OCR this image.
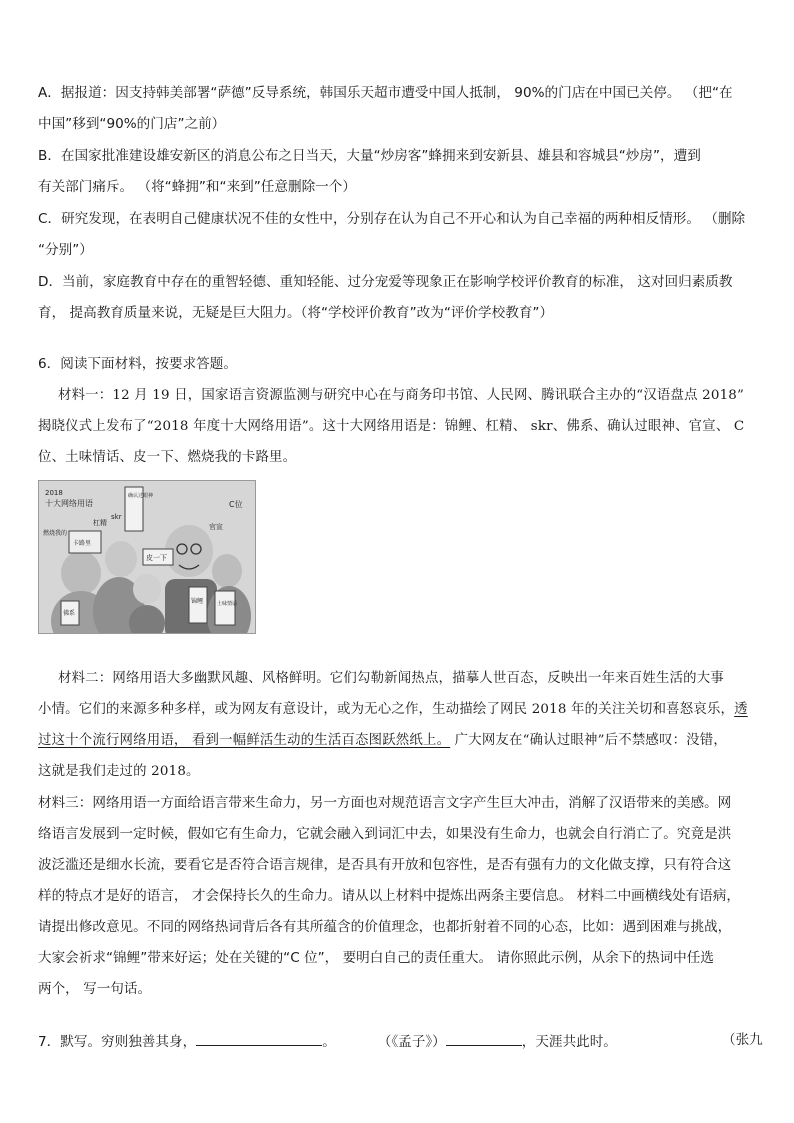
A．据报道：因支持韩美部署“萨德”反导系统，韩国乐天超市遭受中国人抵制， 90%的门店在中国已关停。 （把“在
中国”移到“90%的门店”之前）
B．在国家批准建设雄安新区的消息公布之日当天，大量“炒房客”蜂拥来到安新县、雄县和容城县“炒房”，遭到
有关部门痛斥。 （将“蜂拥”和“来到”任意删除一个）
C．研究发现，在表明自己健康状况不佳的女性中，分别存在认为自己不开心和认为自己幸福的两种相反情形。 （删除
“分别”）
D．当前，家庭教育中存在的重智轻德、重知轻能、过分宠爱等现象正在影响学校评价教育的标准， 这对回归素质教
育， 提高教育质量来说，无疑是巨大阻力。（将“学校评价教育”改为“评价学校教育”）
6．阅读下面材料，按要求答题。
材料一：12 月 19 日，国家语言资源监测与研究中心在与商务印书馆、人民网、腾讯联合主办的“汉语盘点 2018”
揭晓仪式上发布了“2018 年度十大网络用语”。这十大网络用语是：锦鲤、杠精、 skr、佛系、确认过眼神、官宣、 C
位、土味情话、皮一下、燃烧我的卡路里。
2018
十大网络用语	C位
燃烧我的
卡路里
杠精
skr
确认过眼神
皮一下
官宣
锦鲤
佛系
土味情话
材料二：网络用语大多幽默风趣、风格鲜明。它们勾勒新闻热点，描摹人世百态，反映出一年来百姓生活的大事
小情。它们的来源多种多样，或为网友有意设计，或为无心之作，生动描绘了网民 2018 年的关注关切和喜怒哀乐，透
过这十个流行网络用语， 看到一幅鲜活生动的生活百态图跃然纸上。 广大网友在“确认过眼神”后不禁感叹：没错，
这就是我们走过的 2018。
材料三：网络用语一方面给语言带来生命力，另一方面也对规范语言文字产生巨大冲击，消解了汉语带来的美感。网
络语言发展到一定时候，假如它有生命力，它就会融入到词汇中去，如果没有生命力，也就会自行消亡了。究竟是洪
波泛滥还是细水长流，要看它是否符合语言规律，是否具有开放和包容性，是否有强有力的文化做支撑，只有符合这
样的特点才是好的语言， 才会保持长久的生命力。请从以上材料中提炼出两条主要信息。 材料二中画横线处有语病，
请提出修改意见。不同的网络热词背后各有其所蕴含的价值理念，也都折射着不同的心态，比如：遇到困难与挑战，
大家会祈求“锦鲤”带来好运；处在关键的“C 位”， 要明白自己的责任重大。 请你照此示例，从余下的热词中任选
两个， 写一句话。
7．默写。穷则独善其身，	。	（《孟子》）	，天涯共此时。	（张九
